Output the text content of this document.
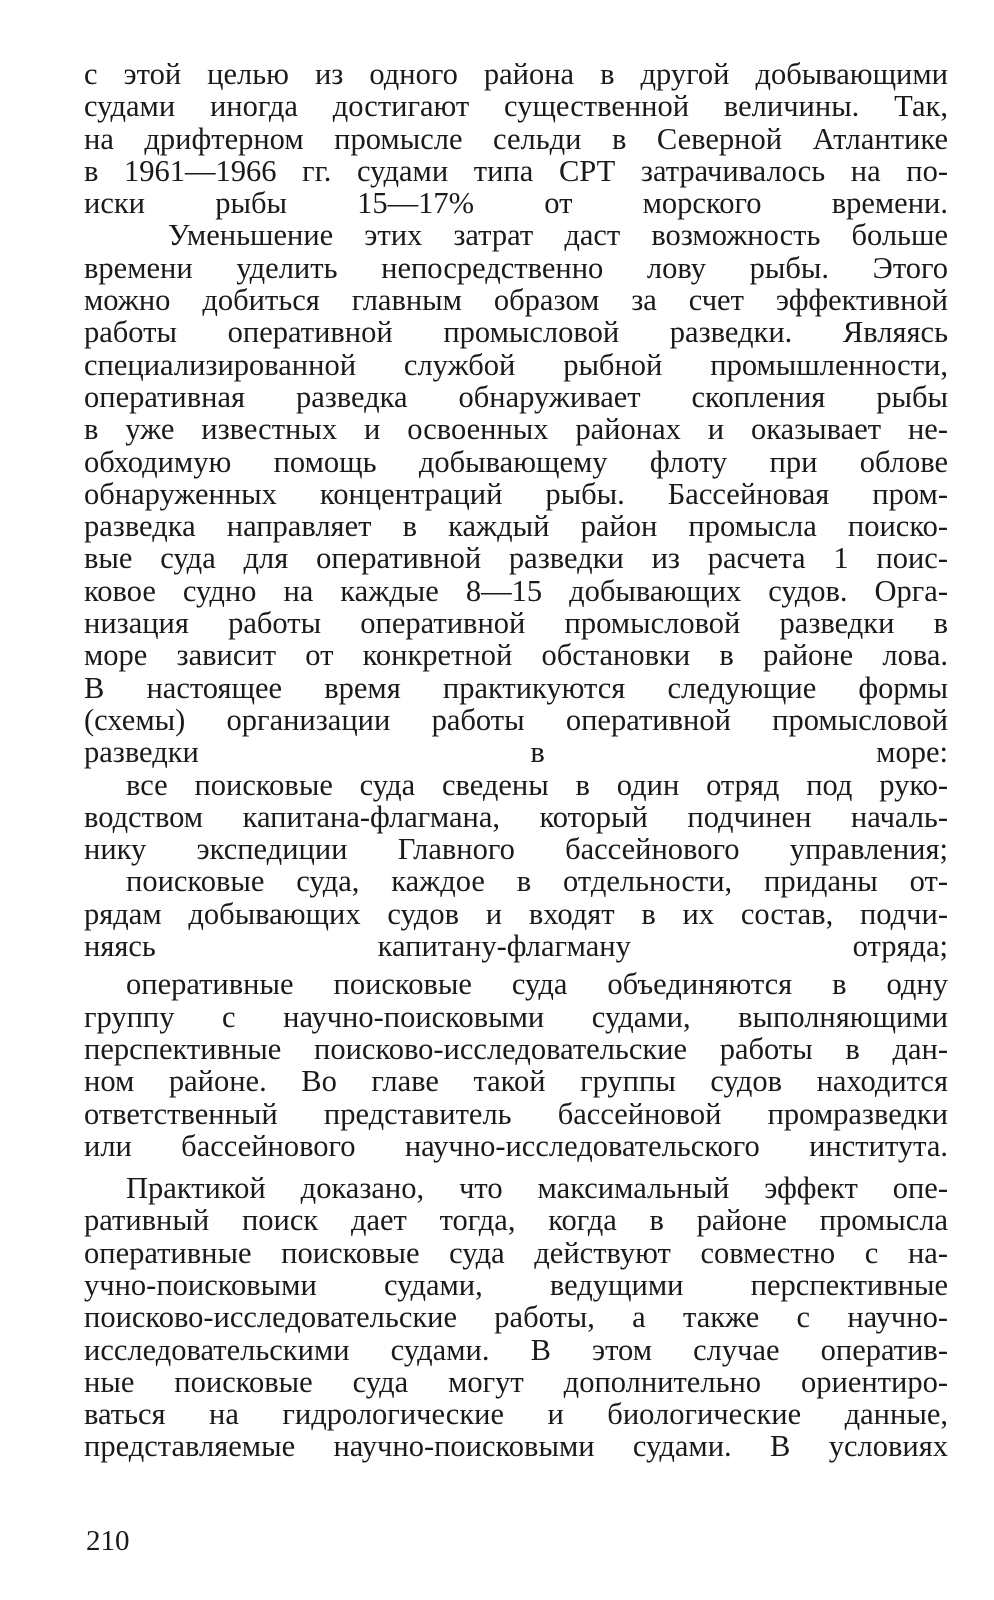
с этой целью из одного района в другой добывающими
судами иногда достигают существенной величины. Так,
на дрифтерном промысле сельди в Северной Атлантике
в 1961—1966 гг. судами типа СРТ затрачивалось на по-
иски рыбы 15—17% от морского времени.
Уменьшение этих затрат даст возможность больше
времени уделить непосредственно лову рыбы. Этого
можно добиться главным образом за счет эффективной
работы оперативной промысловой разведки. Являясь
специализированной службой рыбной промышленности,
оперативная разведка обнаруживает скопления рыбы
в уже известных и освоенных районах и оказывает не-
обходимую помощь добывающему флоту при облове
обнаруженных концентраций рыбы. Бассейновая пром-
разведка направляет в каждый район промысла поиско-
вые суда для оперативной разведки из расчета 1 поис-
ковое судно на каждые 8—15 добывающих судов. Орга-
низация работы оперативной промысловой разведки в
море зависит от конкретной обстановки в районе лова.
В настоящее время практикуются следующие формы
(схемы) организации работы оперативной промысловой
разведки в море:
все поисковые суда сведены в один отряд под руко-
водством капитана-флагмана, который подчинен началь-
нику экспедиции Главного бассейнового управления;
поисковые суда, каждое в отдельности, приданы от-
рядам добывающих судов и входят в их состав, подчи-
няясь капитану-флагману отряда;
оперативные поисковые суда объединяются в одну
группу с научно-поисковыми судами, выполняющими
перспективные поисково-исследовательские работы в дан-
ном районе. Во главе такой группы судов находится
ответственный представитель бассейновой промразведки
или бассейнового научно-исследовательского института.
Практикой доказано, что максимальный эффект опе-
ративный поиск дает тогда, когда в районе промысла
оперативные поисковые суда действуют совместно с на-
учно-поисковыми судами, ведущими перспективные
поисково-исследовательские работы, а также с научно-
исследовательскими судами. В этом случае оператив-
ные поисковые суда могут дополнительно ориентиро-
ваться на гидрологические и биологические данные,
представляемые научно-поисковыми судами. В условиях
210
